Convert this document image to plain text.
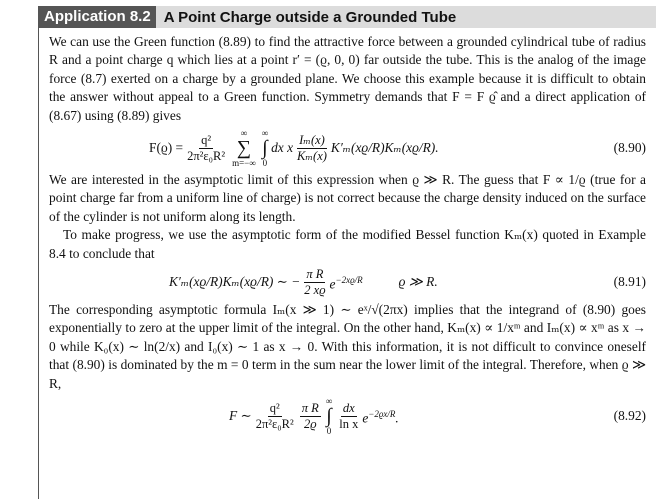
Application 8.2 A Point Charge outside a Grounded Tube

We can use the Green function (8.89) to find the attractive force between a grounded cylindrical tube of radius R and a point charge q which lies at a point r′ = (ϱ, 0, 0) far outside the tube. This is the analog of the image force (8.7) exerted on a charge by a grounded plane. We choose this example because it is difficult to obtain the answer without appeal to a Green function. Symmetry demands that F = F ϱ̂ and a direct application of (8.67) using (8.89) gives

$F(ϱ) = \frac{\text{q²}}{\text{2π²ε₀R²}}$ ∞
∑
m=−∞
∞
∫
0
dx x $\frac{\text{Iₘ(x)}}{\text{Kₘ(x)}} K'_m(xϱ/R)K_m(xϱ/R)$.	(8.90)

We are interested in the asymptotic limit of this expression when ϱ ≫ R. The guess that F ∝ 1/ϱ (true for a point charge far from a uniform line of charge) is not correct because the charge density induced on the surface of the cylinder is not uniform along its length.

To make progress, we use the asymptotic form of the modified Bessel function Kₘ(x) quoted in Example 8.4 to conclude that

K′ₘ(xϱ/R)Kₘ(xϱ/R) ∼ − $\frac{\text{π R}}{2 xϱ} e^{-2xϱ/R}$	ϱ ≫ R.	(8.91)

The corresponding asymptotic formula Iₘ(x ≫ 1) ∼ eˣ/√(2πx) implies that the integrand of (8.90) goes exponentially to zero at the upper limit of the integral. On the other hand, Kₘ(x) ∝ 1/xᵐ and Iₘ(x) ∝ xᵐ as x → 0 while K₀(x) ∼ ln(2/x) and I₀(x) ∼ 1 as x → 0. With this information, it is not difficult to convince oneself that (8.90) is dominated by the m = 0 term in the sum near the lower limit of the integral. Therefore, when ϱ ≫ R,

F ∼ $\frac{\text{q²}}{\text{2π²ε₀R²}} \frac{\text{π R}}{2ϱ}$ ∞
∫
$0 \frac{dx}{\text{ln x}} e^{-2ϱx/R}$.	(8.92)
